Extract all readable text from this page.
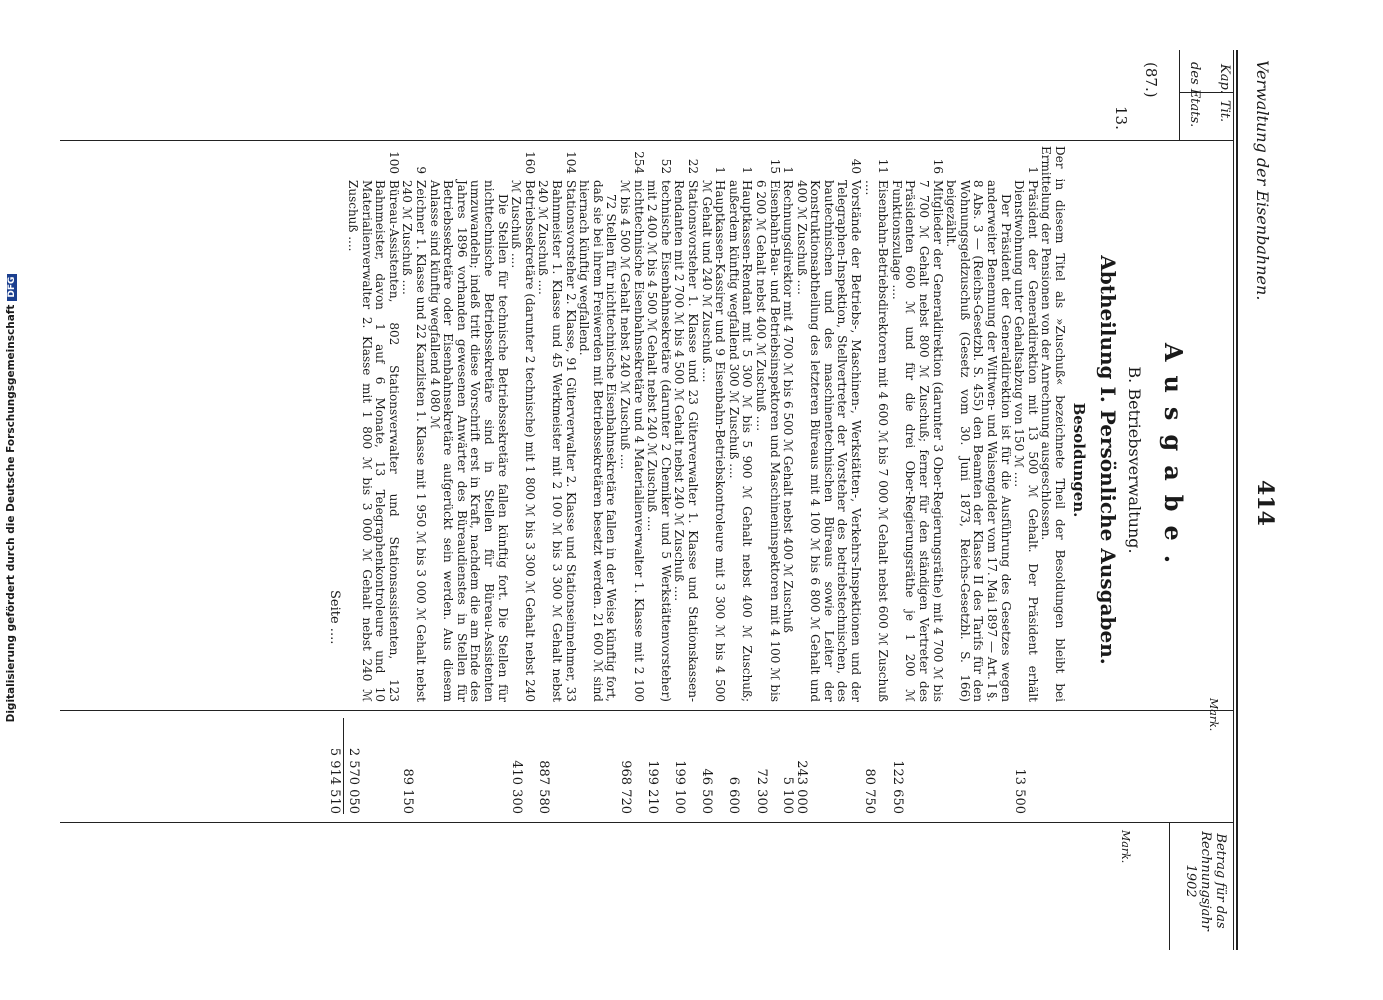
Digitalisierung gefördert durch die Deutsche ForschungsgemeinschaftDFG	Verwaltung der Eisenbahnen.
414
Kap.
Tit.
des Etats.
Betrag für das Rechnungsjahr 1902
(87.)
13.
Ausgabe.
B. Betriebsverwaltung.
Abtheilung I. Persönliche Ausgaben.
Besoldungen.

Der in diesem Titel als »Zuschuß« bezeichnete Theil der Besoldungen bleibt bei Ermittelung der Pensionen von der Anrechnung ausgeschlossen.

1
Präsident der Generaldirektion mit 13 500 ℳ Gehalt. Der Präsident erhält Dienstwohnung unter Gehaltsabzug von 150 ℳ ....

Der Präsident der Generaldirektion ist für die Ausführung des Gesetzes wegen anderweiter Benennung der Wittwen- und Waisengelder vom 17. Mai 1897 — Art. I §. 8 Abs. 3 — (Reichs-Gesetzbl. S. 455) den Beamten der Klasse II des Tarifs für den Wohnungsgeldzuschuß (Gesetz vom 30. Juni 1873, Reichs-Gesetzbl. S. 166) beigezählt.

16
Mitglieder der Generaldirektion (darunter 3 Ober-Regierungsräthe) mit 4 700 ℳ bis 7 700 ℳ Gehalt nebst 800 ℳ Zuschuß; ferner für den ständigen Vertreter des Präsidenten 600 ℳ und für die drei Ober-Regierungsräthe je 1 200 ℳ Funktionszulage ....

11
Eisenbahn-Betriebsdirektoren mit 4 600 ℳ bis 7 000 ℳ Gehalt nebst 600 ℳ Zuschuß ....

40
Vorstände der Betriebs-, Maschinen-, Werkstätten-, Verkehrs-Inspektionen und der Telegraphen-Inspektion, Stellvertreter der Vorsteher des betriebstechnischen, des bautechnischen und des maschinentechnischen Büreaus sowie Leiter der Konstruktionsabtheilung des letzteren Büreaus mit 4 100 ℳ bis 6 800 ℳ Gehalt und 400 ℳ Zuschuß ....

1
Rechnungsdirektor mit 4 700 ℳ bis 6 500 ℳ Gehalt nebst 400 ℳ Zuschuß

15
Eisenbahn-Bau- und Betriebsinspektoren und Maschineninspektoren mit 4 100 ℳ bis 6 200 ℳ Gehalt nebst 400 ℳ Zuschuß ....

1
Hauptkassen-Rendant mit 5 300 ℳ bis 5 900 ℳ Gehalt nebst 400 ℳ Zuschuß; außerdem künftig wegfallend 300 ℳ Zuschuß ....

1
Hauptkassen-Kassirer und 9 Eisenbahn-Betriebskontroleure mit 3 300 ℳ bis 4 500 ℳ Gehalt und 240 ℳ Zuschuß ....

22
Stationsvorsteher 1. Klasse und 23 Güterverwalter 1. Klasse und Stationskassen-Rendanten mit 2 700 ℳ bis 4 500 ℳ Gehalt nebst 240 ℳ Zuschuß ....

52
technische Eisenbahnsekretäre (darunter 2 Chemiker und 5 Werkstättenvorsteher) mit 2 400 ℳ bis 4 500 ℳ Gehalt nebst 240 ℳ Zuschuß ....

254
nichttechnische Eisenbahnsekretäre und 4 Materialienverwalter 1. Klasse mit 2 100 ℳ bis 4 500 ℳ Gehalt nebst 240 ℳ Zuschuß ....

72 Stellen für nichttechnische Eisenbahnsekretäre fallen in der Weise künftig fort, daß sie bei ihrem Freiwerden mit Betriebssekretären besetzt werden. 21 600 ℳ sind hiernach künftig wegfallend.

104
Stationsvorsteher 2. Klasse, 91 Güterverwalter 2. Klasse und Stationseinnehmer, 33 Bahnmeister 1. Klasse und 45 Werkmeister mit 2 100 ℳ bis 3 300 ℳ Gehalt nebst 240 ℳ Zuschuß ....

160
Betriebssekretäre (darunter 2 technische) mit 1 800 ℳ bis 3 300 ℳ Gehalt nebst 240 ℳ Zuschuß ....

Die Stellen für technische Betriebssekretäre fallen künftig fort. Die Stellen für nichttechnische Betriebssekretäre sind in Stellen für Büreau-Assistenten umzuwandeln; indeß tritt diese Vorschrift erst in Kraft, nachdem die am Ende des Jahres 1896 vorhanden gewesenen Anwärter des Büreaudienstes in Stellen für Betriebssekretäre oder Eisenbahnsekretäre aufgerückt sein werden. Aus diesem Anlasse sind künftig wegfallend 4 080 ℳ

9
Zeichner 1. Klasse und 22 Kanzlisten 1. Klasse mit 1 950 ℳ bis 3 000 ℳ Gehalt nebst 240 ℳ Zuschuß ....

100
Büreau-Assistenten, 802 Stationsverwalter und Stationsassistenten, 123 Bahnmeister, davon 1 auf 6 Monate, 13 Telegraphenkontroleure und 10 Materialienverwalter 2. Klasse mit 1 800 ℳ bis 3 000 ℳ Gehalt nebst 240 ℳ Zuschuß ....

13 500
122 650
80 750
243 000
5 100
72 300
6 600
46 500
199 100
199 210
968 720
887 580
410 300
89 150
2 570 050
Mark.
Mark.
Seite ....
5 914 510
